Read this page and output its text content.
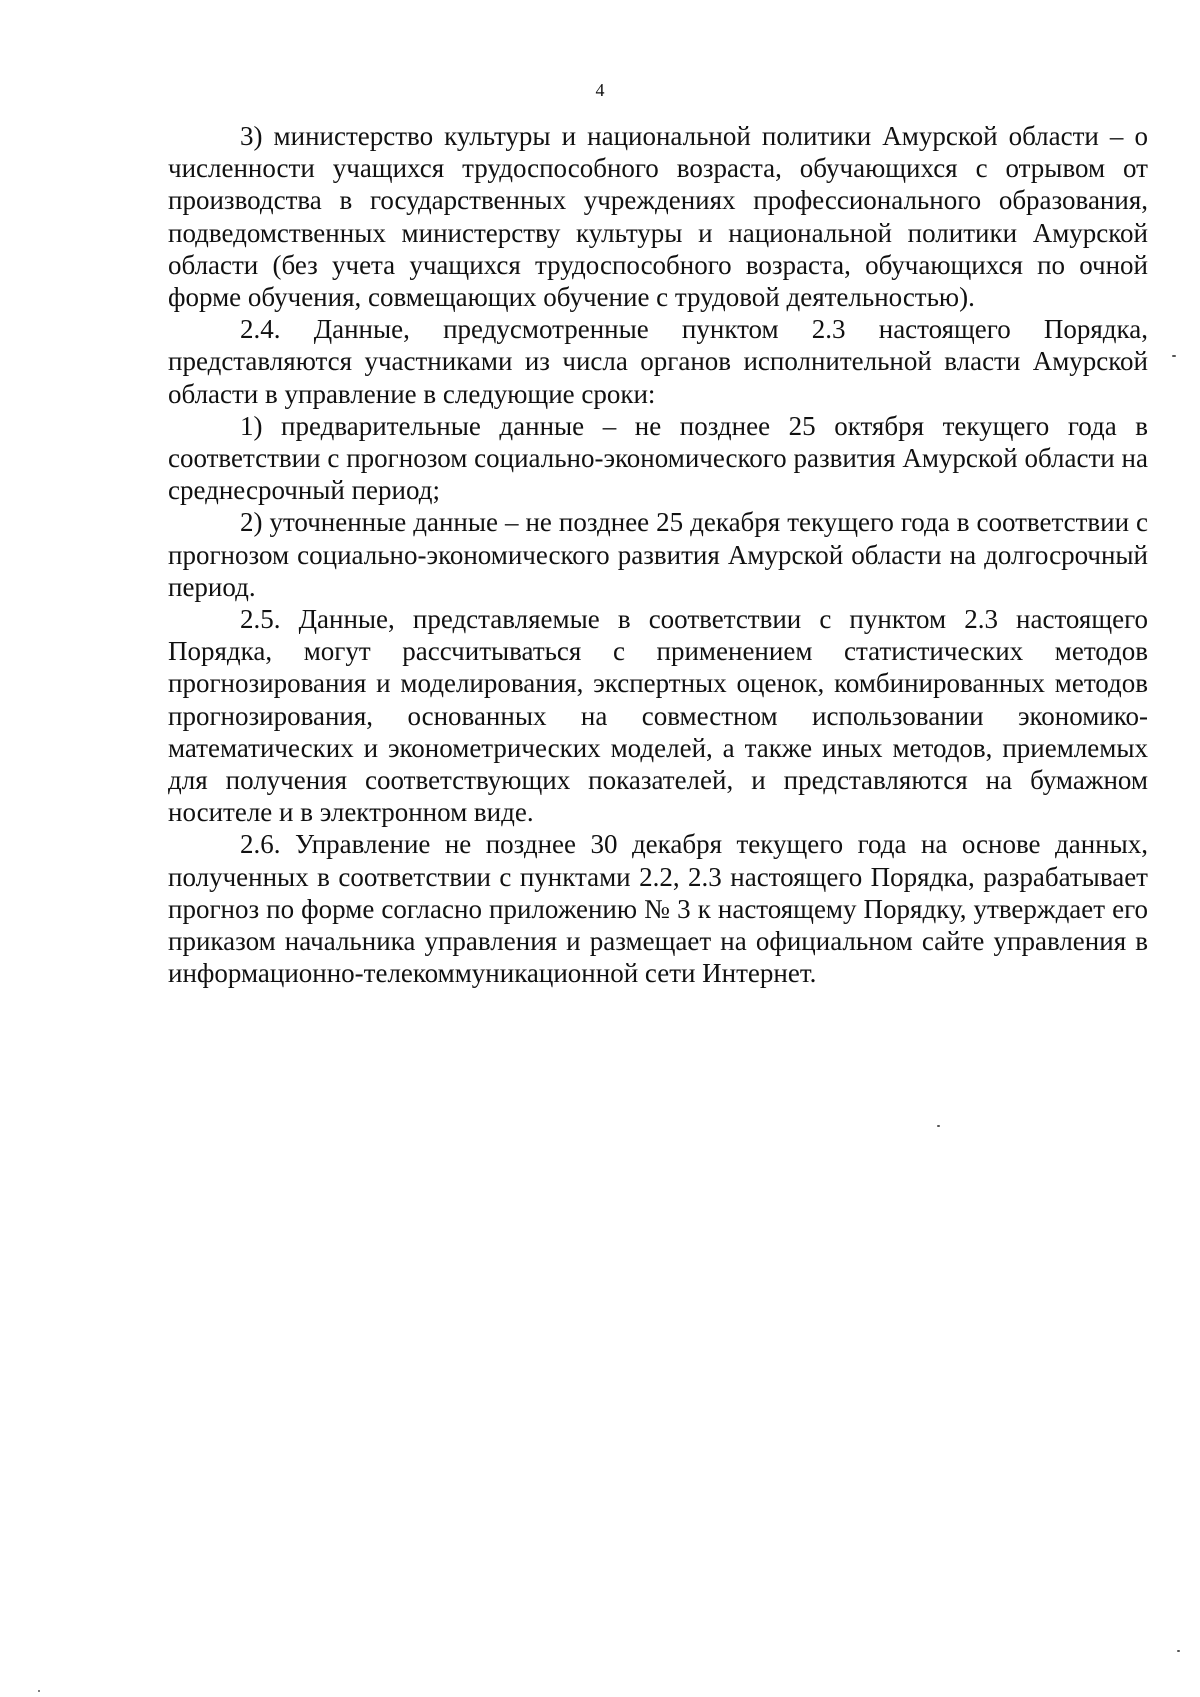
4

3) министерство культуры и национальной политики Амурской области – о численности учащихся трудоспособного возраста, обучающихся с отрывом от производства в государственных учреждениях профессионального образования, подведомственных министерству культуры и национальной политики Амурской области (без учета учащихся трудоспособного возраста, обучающихся по очной форме обучения, совмещающих обучение с трудовой деятельностью).

2.4. Данные, предусмотренные пунктом 2.3 настоящего Порядка, представляются участниками из числа органов исполнительной власти Амурской области в управление в следующие сроки:

1) предварительные данные – не позднее 25 октября текущего года в соответствии с прогнозом социально-экономического развития Амурской области на среднесрочный период;

2) уточненные данные – не позднее 25 декабря текущего года в соответствии с прогнозом социально-экономического развития Амурской области на долгосрочный период.

2.5. Данные, представляемые в соответствии с пунктом 2.3 настоящего Порядка, могут рассчитываться с применением статистических методов прогнозирования и моделирования, экспертных оценок, комбинированных методов прогнозирования, основанных на совместном использовании экономико-математических и эконометрических моделей, а также иных методов, приемлемых для получения соответствующих показателей, и представляются на бумажном носителе и в электронном виде.

2.6. Управление не позднее 30 декабря текущего года на основе данных, полученных в соответствии с пунктами 2.2, 2.3 настоящего Порядка, разрабатывает прогноз по форме согласно приложению № 3 к настоящему Порядку, утверждает его приказом начальника управления и размещает на официальном сайте управления в информационно-телекоммуникационной сети Интернет.
